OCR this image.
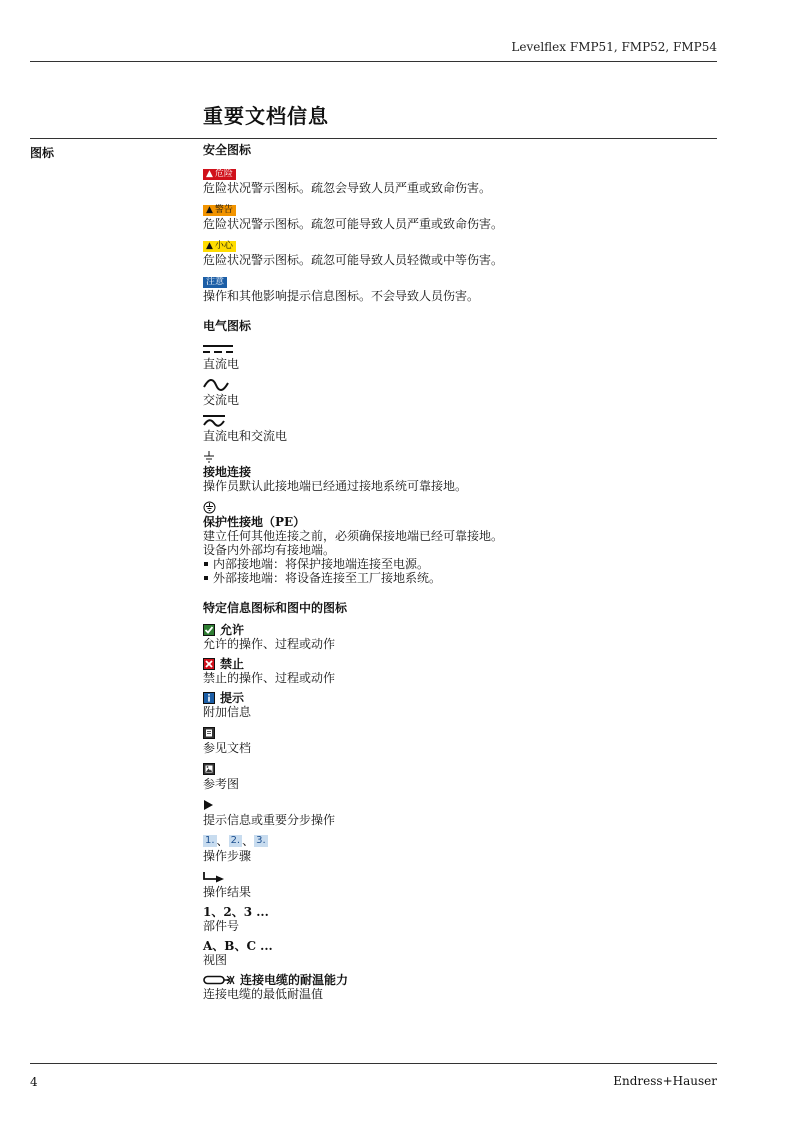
Levelflex FMP51, FMP52, FMP54
重要文档信息
图标	安全图标
▲ 危险
危险状况警示图标。疏忽会导致人员严重或致命伤害。
▲ 警告
危险状况警示图标。疏忽可能导致人员严重或致命伤害。
▲ 小心
危险状况警示图标。疏忽可能导致人员轻微或中等伤害。
注意
操作和其他影响提示信息图标。不会导致人员伤害。
电气图标
直流电
交流电
直流电和交流电
接地连接
操作员默认此接地端已经通过接地系统可靠接地。
保护性接地（PE）
建立任何其他连接之前，必须确保接地端已经可靠接地。
设备内外部均有接地端。
内部接地端：将保护接地端连接至电源。
外部接地端：将设备连接至工厂接地系统。
特定信息图标和图中的图标
允许
允许的操作、过程或动作
禁止
禁止的操作、过程或动作
提示
附加信息
参见文档
参考图
提示信息或重要分步操作
1. 、 2. 、 3.
操作步骤
操作结果
1、2、3 ...
部件号
A、B、C ...
视图
连接电缆的耐温能力
连接电缆的最低耐温值
4	Endress+Hauser
